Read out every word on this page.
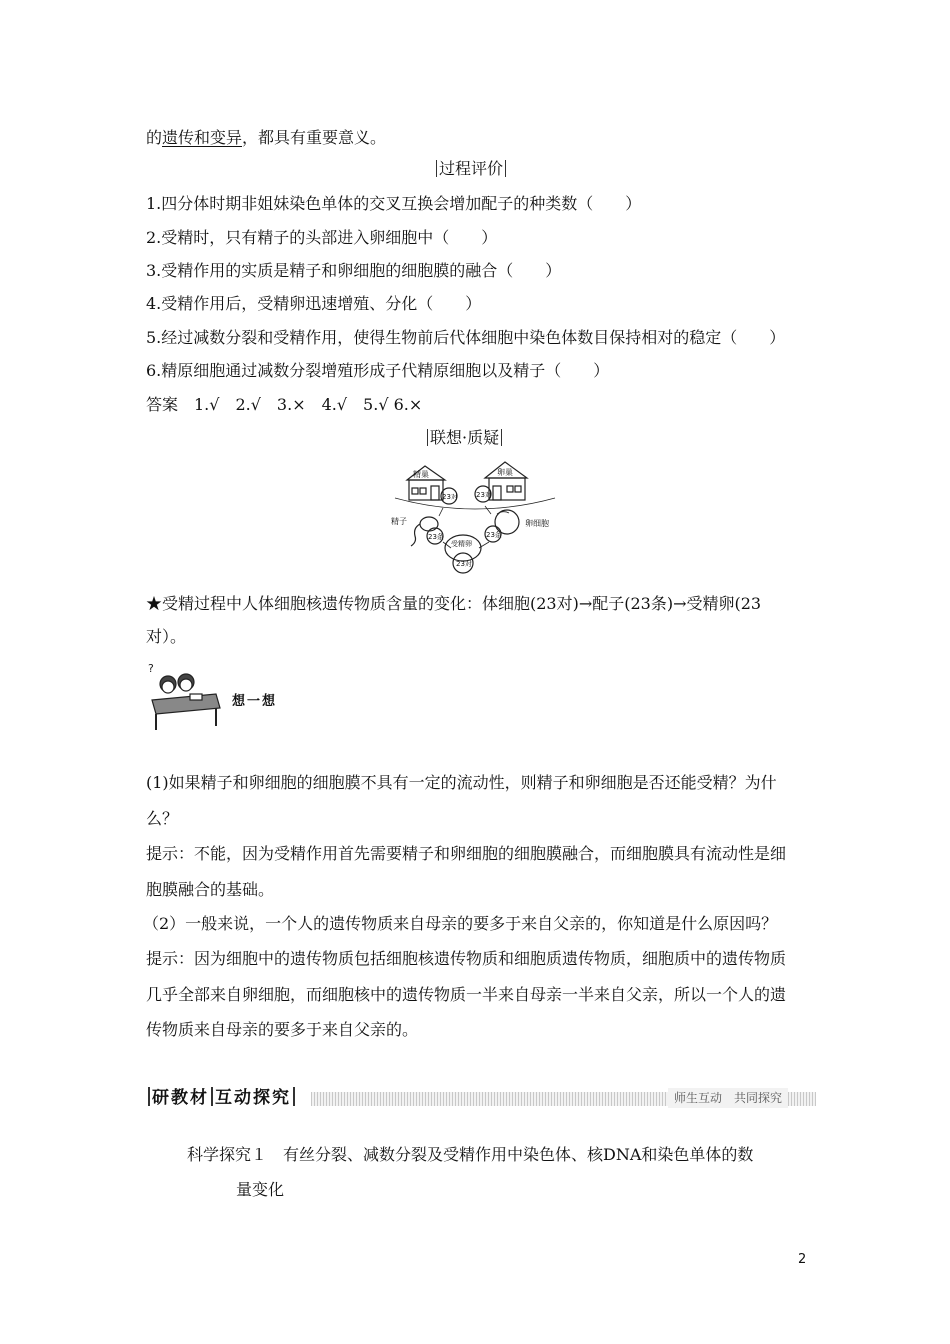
的遗传和变异，都具有重要意义。
过程评价
1.四分体时期非姐妹染色单体的交叉互换会增加配子的种类数（　　）
2.受精时，只有精子的头部进入卵细胞中（　　）
3.受精作用的实质是精子和卵细胞的细胞膜的融合（　　）
4.受精作用后，受精卵迅速增殖、分化（　　）
5.经过减数分裂和受精作用，使得生物前后代体细胞中染色体数目保持相对的稳定（　　）
6.精原细胞通过减数分裂增殖形成子代精原细胞以及精子（　　）
答案　1.√　2.√　3.×　4.√　5.√ 6.×
联想·质疑
精巢	卵巢
23对	23对
精子	卵细胞
23条	23条
受精卵
23对
★受精过程中人体细胞核遗传物质含量的变化：体细胞(23对)→配子(23条)→受精卵(23
对）。
?
想一想
(1)如果精子和卵细胞的细胞膜不具有一定的流动性，则精子和卵细胞是否还能受精？为什
么？
提示：不能，因为受精作用首先需要精子和卵细胞的细胞膜融合，而细胞膜具有流动性是细
胞膜融合的基础。
（2）一般来说，一个人的遗传物质来自母亲的要多于来自父亲的，你知道是什么原因吗？
提示：因为细胞中的遗传物质包括细胞核遗传物质和细胞质遗传物质，细胞质中的遗传物质
几乎全部来自卵细胞，而细胞核中的遗传物质一半来自母亲一半来自父亲，所以一个人的遗
传物质来自母亲的要多于来自父亲的。
研教材 互动探究	师生互动　共同探究
科学探究１　有丝分裂、减数分裂及受精作用中染色体、核DNA和染色单体的数
量变化
2
